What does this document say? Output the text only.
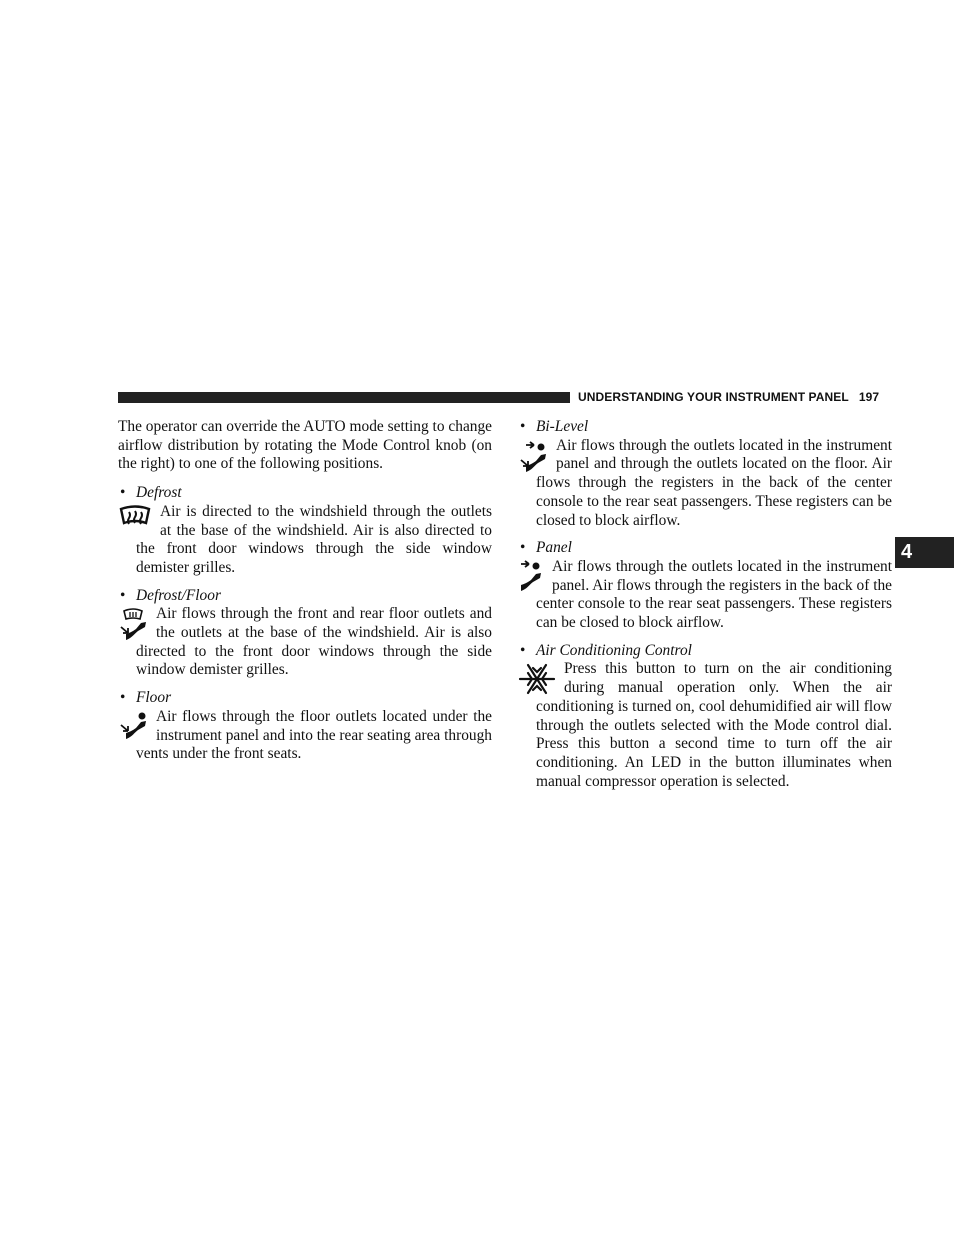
UNDERSTANDING YOUR INSTRUMENT PANEL 197
4

The operator can override the AUTO mode setting to change airflow distribution by rotating the Mode Control knob (on the right) to one of the following positions.

• Defrost
Air is directed to the windshield through the outlets at the base of the windshield. Air is also directed to the front door windows through the side window demister grilles.
• Defrost/Floor
Air flows through the front and rear floor outlets and the outlets at the base of the windshield. Air is also directed to the front door windows through the side window demister grilles.
• Floor
Air flows through the floor outlets located under the instrument panel and into the rear seating area through vents under the front seats.
• Bi-Level
Air flows through the outlets located in the instrument panel and through the outlets located on the floor. Air flows through the registers in the back of the center console to the rear seat passengers. These registers can be closed to block airflow.
• Panel
Air flows through the outlets located in the instrument panel. Air flows through the registers in the back of the center console to the rear seat passengers. These registers can be closed to block airflow.
• Air Conditioning Control
Press this button to turn on the air conditioning during manual operation only. When the air conditioning is turned on, cool dehumidified air will flow through the outlets selected with the Mode control dial. Press this button a second time to turn off the air conditioning. An LED in the button illuminates when manual compressor operation is selected.
